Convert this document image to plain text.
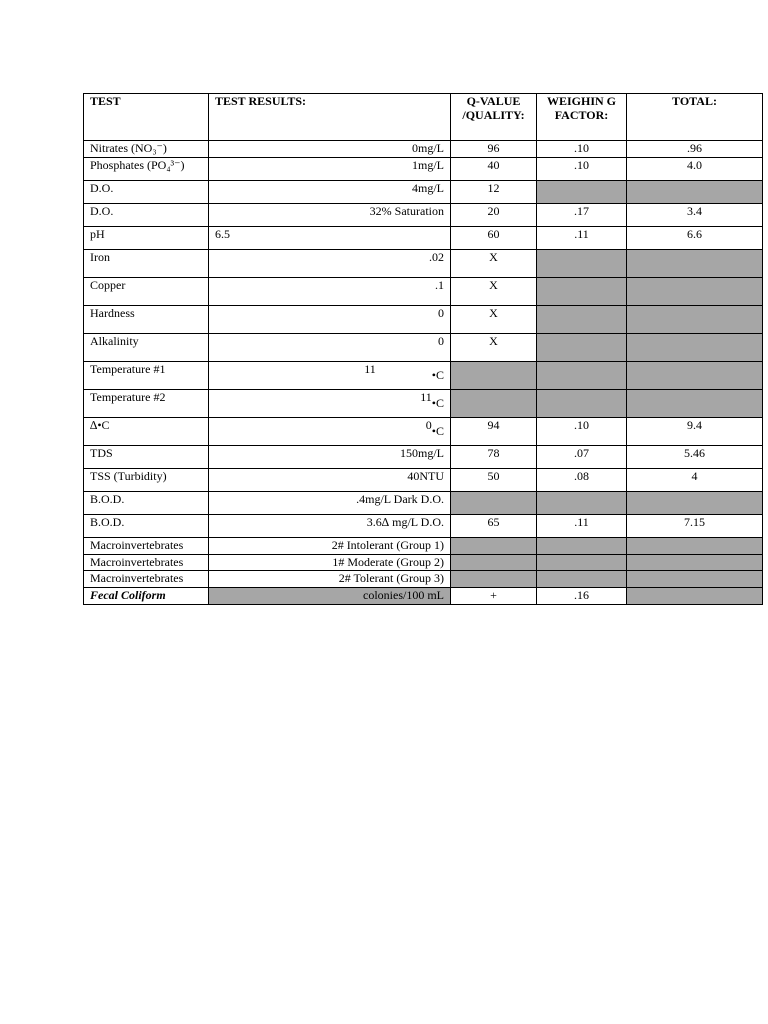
TEST	TEST RESULTS:	Q-VALUE /QUALITY:	WEIGHIN G FACTOR:	TOTAL:
Nitrates (NO₃⁻)	0mg/L	96	.10	.96
Phosphates (PO₄³⁻)	1mg/L	40	.10	4.0
D.O.	4mg/L	12		
D.O.	32% Saturation	20	.17	3.4
pH	6.5	60	.11	6.6
Iron	.02	X		
Copper	.1	X		
Hardness	0	X		
Alkalinity	0	X		
Temperature #1	11 •C			
Temperature #2	11•C			
∆•C	0•C	94	.10	9.4
TDS	150mg/L	78	.07	5.46
TSS (Turbidity)	40NTU	50	.08	4
B.O.D.	.4mg/L Dark D.O.			
B.O.D.	3.6∆ mg/L D.O.	65	.11	7.15
Macroinvertebrates	2# Intolerant (Group 1)			
Macroinvertebrates	1# Moderate (Group 2)			
Macroinvertebrates	2# Tolerant (Group 3)			
Fecal Coliform	colonies/100 mL	+	.16	
